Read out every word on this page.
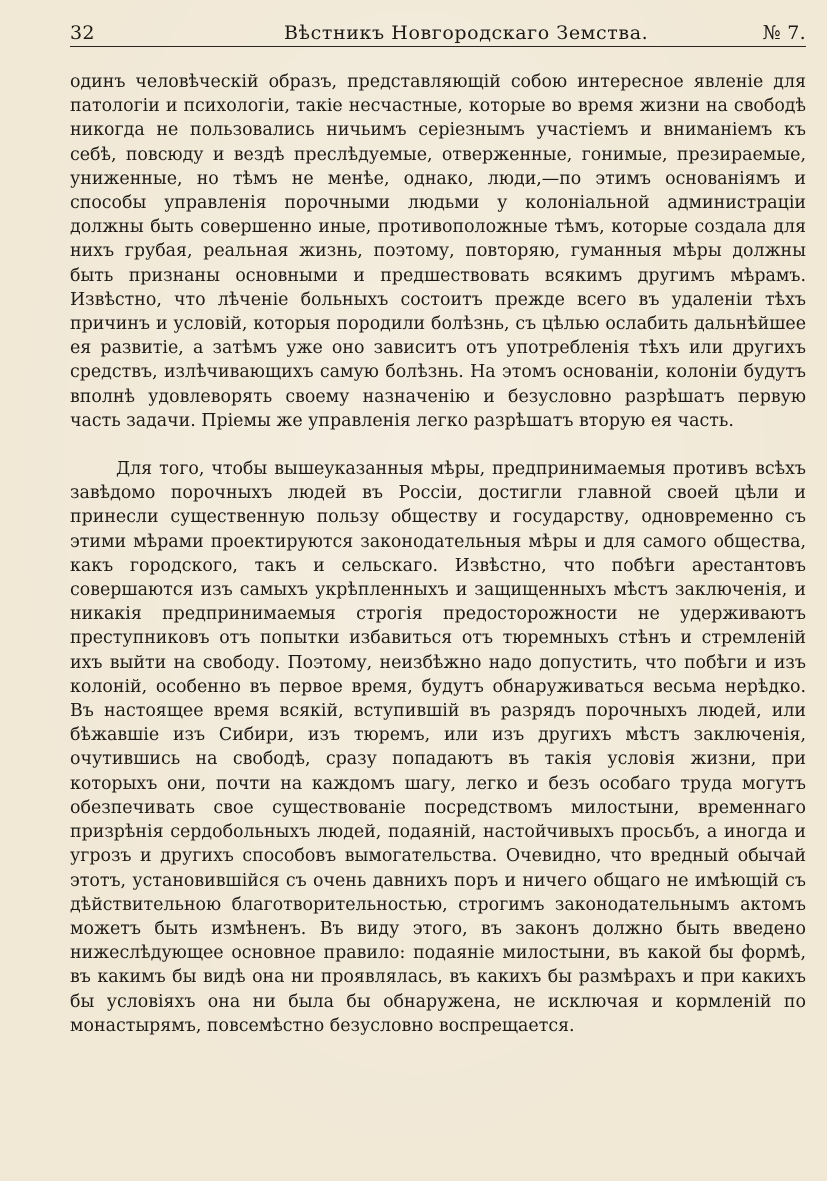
32	Вѣстникъ Новгородскаго Земства.	№ 7.

одинъ человѣческій образъ, представляющій собою интересное явленіе для патологіи и психологіи, такіе несчастные, которые во время жизни на свободѣ никогда не пользовались ничьимъ серіезнымъ участіемъ и вниманіемъ къ себѣ, повсюду и вездѣ преслѣдуемые, отверженные, гонимые, презираемые, униженные, но тѣмъ не менѣе, однако, люди,—по этимъ основаніямъ и способы управленія порочными людьми у колоніальной администраціи должны быть совершенно иные, противоположные тѣмъ, которые создала для нихъ грубая, реальная жизнь, поэтому, повторяю, гуманныя мѣры должны быть признаны основными и предшествовать всякимъ другимъ мѣрамъ. Извѣстно, что лѣченіе больныхъ состоитъ прежде всего въ удаленіи тѣхъ причинъ и условій, которыя породили болѣзнь, съ цѣлью ослабить дальнѣйшее ея развитіе, а затѣмъ уже оно зависитъ отъ употребленія тѣхъ или другихъ средствъ, излѣчивающихъ самую болѣзнь. На этомъ основаніи, колоніи будутъ вполнѣ удовлеворять своему назначенію и безусловно разрѣшатъ первую часть задачи. Пріемы же управленія легко разрѣшатъ вторую ея часть.

Для того, чтобы вышеуказанныя мѣры, предпринимаемыя противъ всѣхъ завѣдомо порочныхъ людей въ Россіи, достигли главной своей цѣли и принесли существенную пользу обществу и государству, одновременно съ этими мѣрами проектируются законодательныя мѣры и для самого общества, какъ городского, такъ и сельскаго. Извѣстно, что побѣги арестантовъ совершаются изъ самыхъ укрѣпленныхъ и защищенныхъ мѣстъ заключенія, и никакія предпринимаемыя строгія предосторожности не удерживаютъ преступниковъ отъ попытки избавиться отъ тюремныхъ стѣнъ и стремленій ихъ выйти на свободу. Поэтому, неизбѣжно надо допустить, что побѣги и изъ колоній, особенно въ первое время, будутъ обнаруживаться весьма нерѣдко. Въ настоящее время всякій, вступившій въ разрядъ порочныхъ людей, или бѣжавшіе изъ Сибири, изъ тюремъ, или изъ другихъ мѣстъ заключенія, очутившись на свободѣ, сразу попадаютъ въ такія условія жизни, при которыхъ они, почти на каждомъ шагу, легко и безъ особаго труда могутъ обезпечивать свое существованіе посредствомъ милостыни, временнаго призрѣнія сердобольныхъ людей, подаяній, настойчивыхъ просьбъ, а иногда и угрозъ и другихъ способовъ вымогательства. Очевидно, что вредный обычай этотъ, установившійся съ очень давнихъ поръ и ничего общаго не имѣющій съ дѣйствительною благотворительностью, строгимъ законодательнымъ актомъ можетъ быть измѣненъ. Въ виду этого, въ законъ должно быть введено нижеслѣдующее основное правило: подаяніе милостыни, въ какой бы формѣ, въ какимъ бы видѣ она ни проявлялась, въ какихъ бы размѣрахъ и при какихъ бы условіяхъ она ни была бы обнаружена, не исключая и кормленій по монастырямъ, повсемѣстно безусловно воспрещается.
